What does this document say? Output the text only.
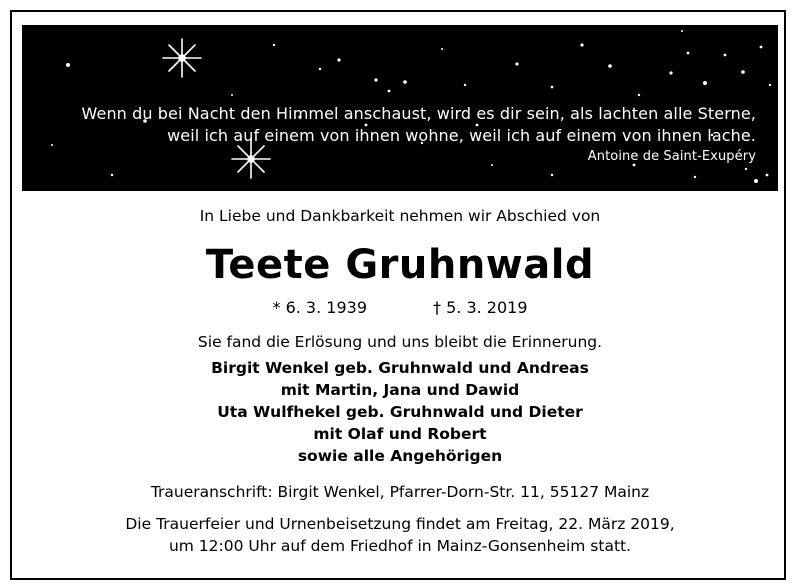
Wenn du bei Nacht den Himmel anschaust, wird es dir sein, als lachten alle Sterne,
weil ich auf einem von ihnen wohne, weil ich auf einem von ihnen lache.
Antoine de Saint-Exupéry
In Liebe und Dankbarkeit nehmen wir Abschied von
Teete Gruhnwald
* 6. 3. 1939	† 5. 3. 2019
Sie fand die Erlösung und uns bleibt die Erinnerung.
Birgit Wenkel geb. Gruhnwald und Andreas
mit Martin, Jana und Dawid
Uta Wulfhekel geb. Gruhnwald und Dieter
mit Olaf und Robert
sowie alle Angehörigen
Traueranschrift: Birgit Wenkel, Pfarrer-Dorn-Str. 11, 55127 Mainz
Die Trauerfeier und Urnenbeisetzung findet am Freitag, 22. März 2019,
um 12:00 Uhr auf dem Friedhof in Mainz-Gonsenheim statt.
